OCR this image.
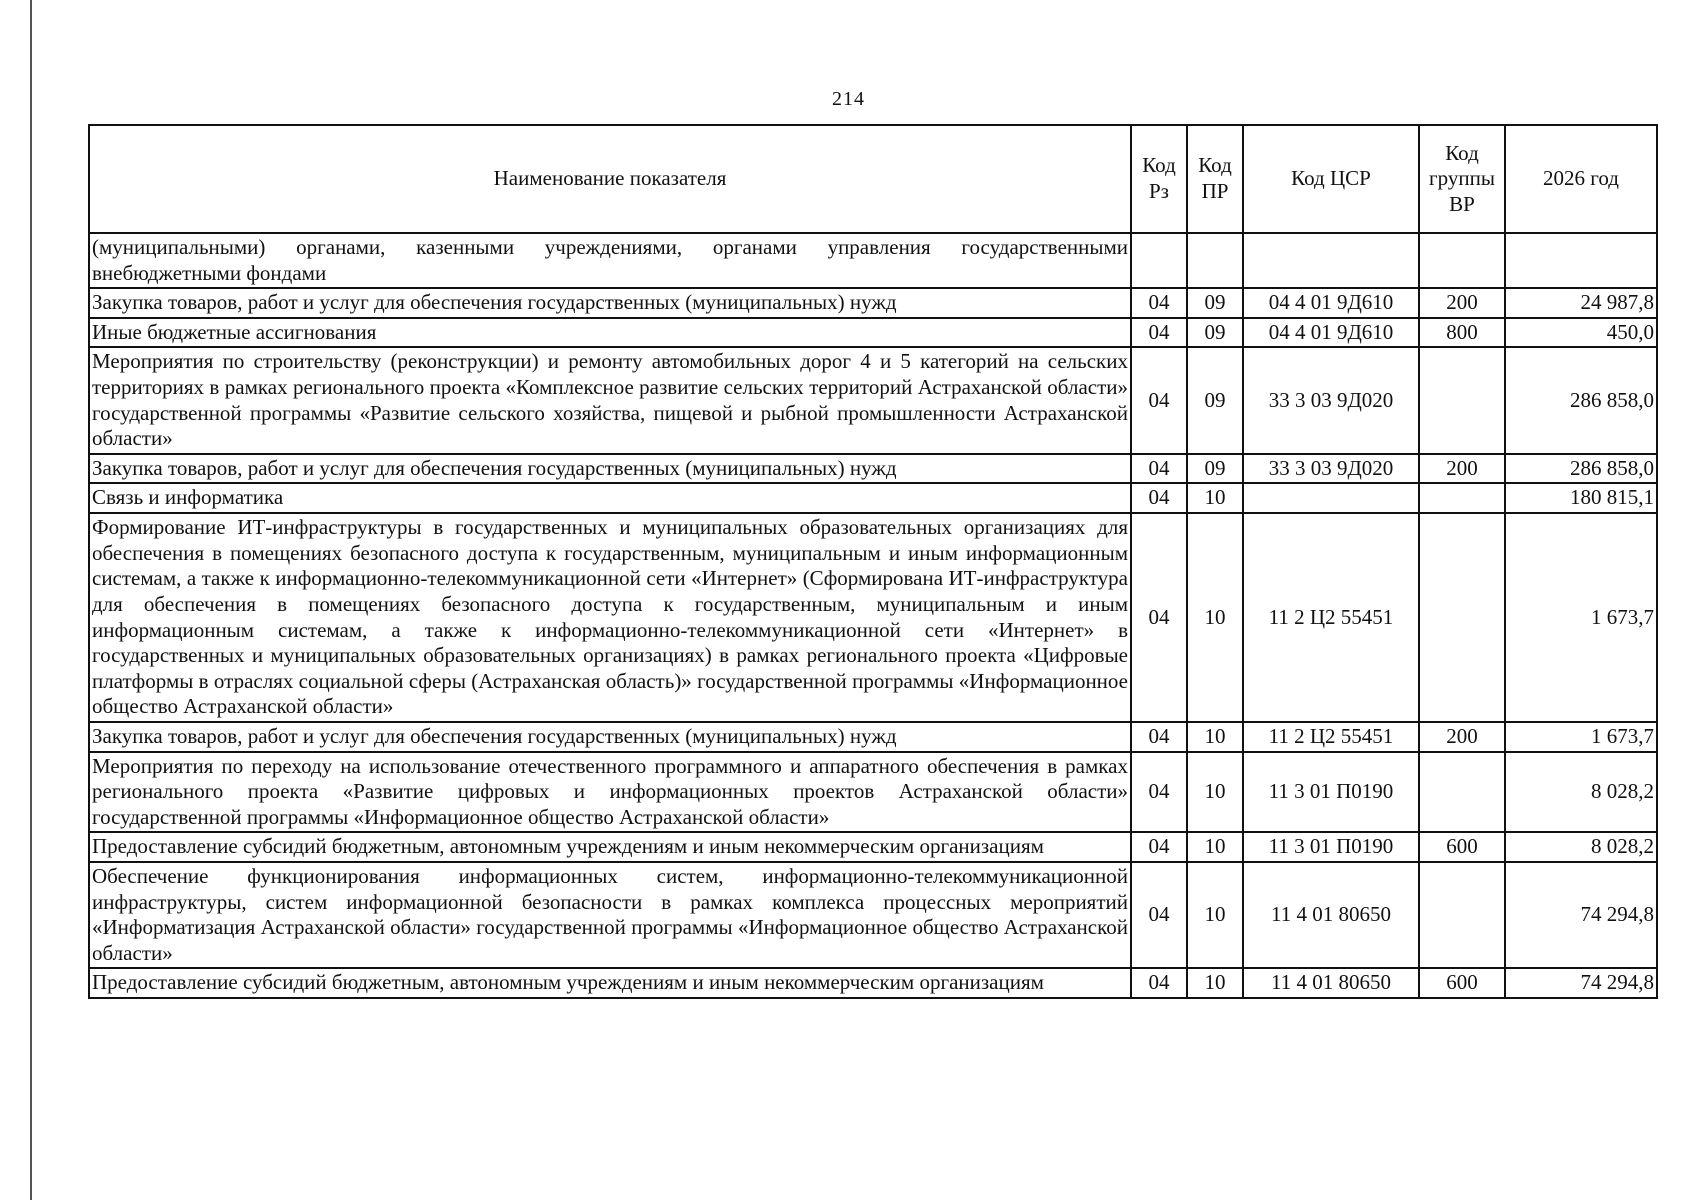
214
Наименование показателя	Код Рз	Код ПР	Код ЦСР	Код группы ВР	2026 год
(муниципальными) органами, казенными учреждениями, органами управления государственными внебюджетными фондами					
Закупка товаров, работ и услуг для обеспечения государственных (муниципальных) нужд	04	09	04 4 01 9Д610	200	24 987,8
Иные бюджетные ассигнования	04	09	04 4 01 9Д610	800	450,0
Мероприятия по строительству (реконструкции) и ремонту автомобильных дорог 4 и 5 категорий на сельских территориях в рамках регионального проекта «Комплексное развитие сельских территорий Астраханской области» государственной программы «Развитие сельского хозяйства, пищевой и рыбной промышленности Астраханской области»	04	09	33 3 03 9Д020		286 858,0
Закупка товаров, работ и услуг для обеспечения государственных (муниципальных) нужд	04	09	33 3 03 9Д020	200	286 858,0
Связь и информатика	04	10			180 815,1
Формирование ИТ-инфраструктуры в государственных и муниципальных образовательных организациях для обеспечения в помещениях безопасного доступа к государственным, муниципальным и иным информационным системам, а также к информационно-телекоммуникационной сети «Интернет» (Сформирована ИТ-инфраструктура для обеспечения в помещениях безопасного доступа к государственным, муниципальным и иным информационным системам, а также к информационно-телекоммуникационной сети «Интернет» в государственных и муниципальных образовательных организациях) в рамках регионального проекта «Цифровые платформы в отраслях социальной сферы (Астраханская область)» государственной программы «Информационное общество Астраханской области»	04	10	11 2 Ц2 55451		1 673,7
Закупка товаров, работ и услуг для обеспечения государственных (муниципальных) нужд	04	10	11 2 Ц2 55451	200	1 673,7
Мероприятия по переходу на использование отечественного программного и аппаратного обеспечения в рамках регионального проекта «Развитие цифровых и информационных проектов Астраханской области» государственной программы «Информационное общество Астраханской области»	04	10	11 3 01 П0190		8 028,2
Предоставление субсидий бюджетным, автономным учреждениям и иным некоммерческим организациям	04	10	11 3 01 П0190	600	8 028,2
Обеспечение функционирования информационных систем, информационно-телекоммуникационной инфраструктуры, систем информационной безопасности в рамках комплекса процессных мероприятий «Информатизация Астраханской области» государственной программы «Информационное общество Астраханской области»	04	10	11 4 01 80650		74 294,8
Предоставление субсидий бюджетным, автономным учреждениям и иным некоммерческим организациям	04	10	11 4 01 80650	600	74 294,8
